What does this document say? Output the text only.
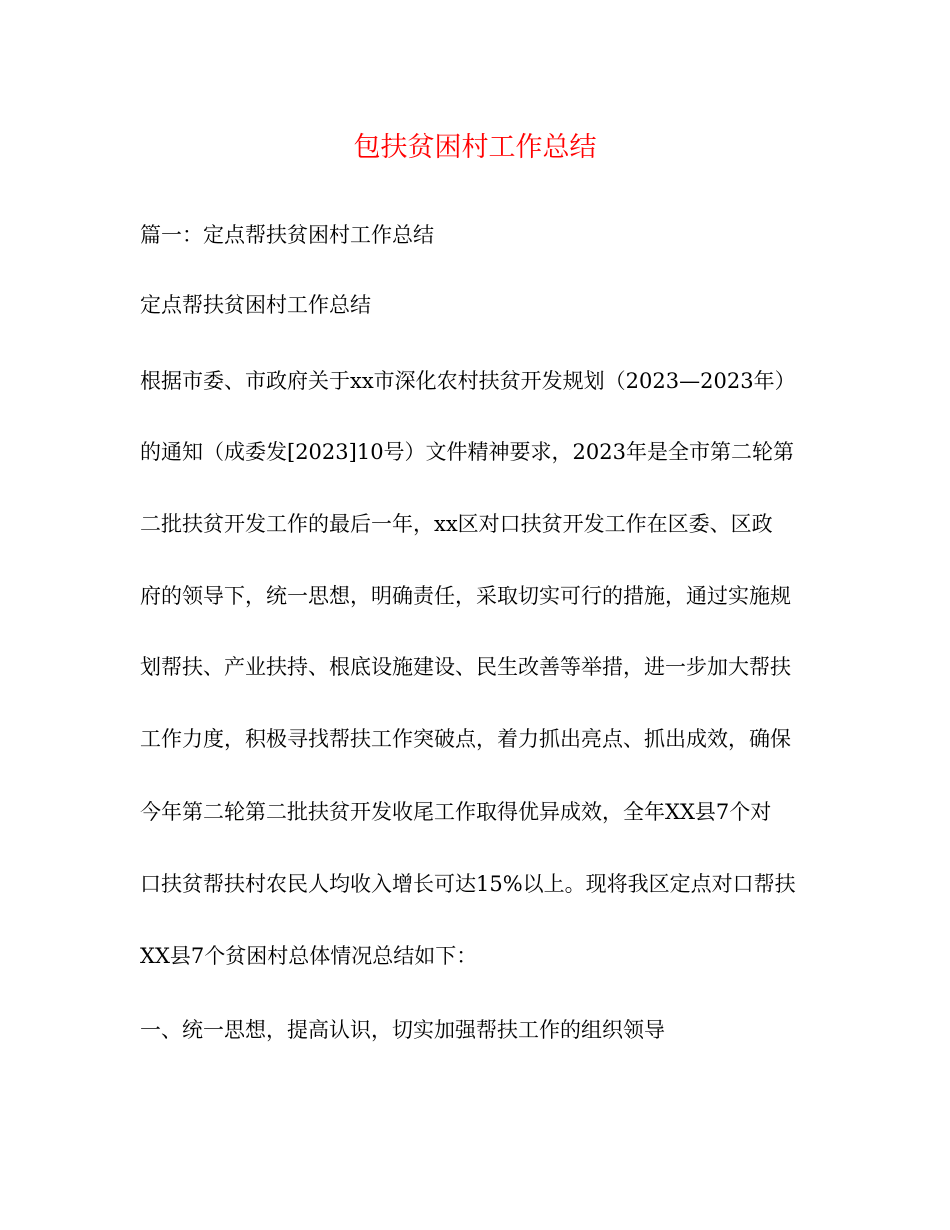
包扶贫困村工作总结

篇一：定点帮扶贫困村工作总结

定点帮扶贫困村工作总结

根据市委、市政府关于xx市深化农村扶贫开发规划（2023—2023年）

的通知（成委发[2023]10号）文件精神要求，2023年是全市第二轮第

二批扶贫开发工作的最后一年，xx区对口扶贫开发工作在区委、区政

府的领导下，统一思想，明确责任，采取切实可行的措施，通过实施规

划帮扶、产业扶持、根底设施建设、民生改善等举措，进一步加大帮扶

工作力度，积极寻找帮扶工作突破点，着力抓出亮点、抓出成效，确保

今年第二轮第二批扶贫开发收尾工作取得优异成效，全年XX县7个对

口扶贫帮扶村农民人均收入增长可达15%以上。现将我区定点对口帮扶

XX县7个贫困村总体情况总结如下：

一、统一思想，提高认识，切实加强帮扶工作的组织领导
